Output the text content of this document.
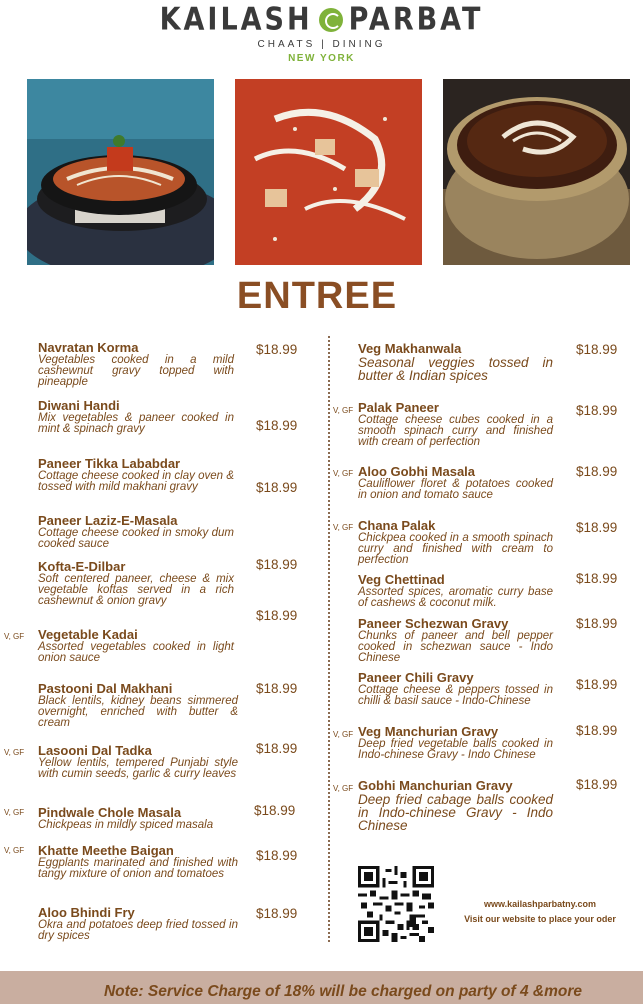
KAILASH PARBAT
CHAATS | DINING
NEW YORK
ENTREE
Navratan Korma
Vegetables cooked in a mild cashewnut gravy topped with pineapple
$18.99
Diwani Handi
Mix vegetables & paneer cooked in mint & spinach gravy	$18.99
Paneer Tikka Lababdar
Cottage cheese cooked in clay oven & tossed with mild makhani gravy	$18.99
Paneer Laziz-E-Masala
Cottage cheese cooked in smoky dum cooked sauce
$18.99
Kofta-E-Dilbar
Soft centered paneer, cheese & mix vegetable koftas served in a rich cashewnut & onion gravy
$18.99
V, GF Vegetable Kadai
Assorted vegetables cooked in light onion sauce
Pastooni Dal Makhani
Black lentils, kidney beans simmered overnight, enriched with butter & cream
$18.99
V, GF Lasooni Dal Tadka
Yellow lentils, tempered Punjabi style with cumin seeds, garlic & curry leaves
$18.99
V, GF Pindwale Chole Masala
Chickpeas in mildly spiced masala
$18.99
V, GF Khatte Meethe Baigan
Eggplants marinated and finished with tangy mixture of onion and tomatoes
$18.99
Aloo Bhindi Fry
Okra and potatoes deep fried tossed in dry spices
$18.99
Veg Makhanwala
Seasonal veggies tossed in butter & Indian spices
$18.99
V, GF Palak Paneer
Cottage cheese cubes cooked in a smooth spinach curry and finished with cream of perfection
$18.99
V, GF Aloo Gobhi Masala
Cauliflower floret & potatoes cooked in onion and tomato sauce
$18.99
V, GF Chana Palak
Chickpea cooked in a smooth spinach curry and finished with cream to perfection
$18.99
Veg Chettinad
Assorted spices, aromatic curry base of cashews & coconut milk.
$18.99
Paneer Schezwan Gravy
Chunks of paneer and bell pepper cooked in schezwan sauce - Indo Chinese
$18.99
Paneer Chili Gravy
Cottage cheese & peppers tossed in chilli & basil sauce - Indo-Chinese
$18.99
V, GF Veg Manchurian Gravy
Deep fried vegetable balls cooked in Indo-chinese Gravy - Indo Chinese
$18.99
V, GF Gobhi Manchurian Gravy
Deep fried cabage balls cooked in Indo-chinese Gravy - Indo Chinese
$18.99
www.kailashparbatny.com
Visit our website to place your oder
Note: Service Charge of 18% will be charged on party of 4 &more
